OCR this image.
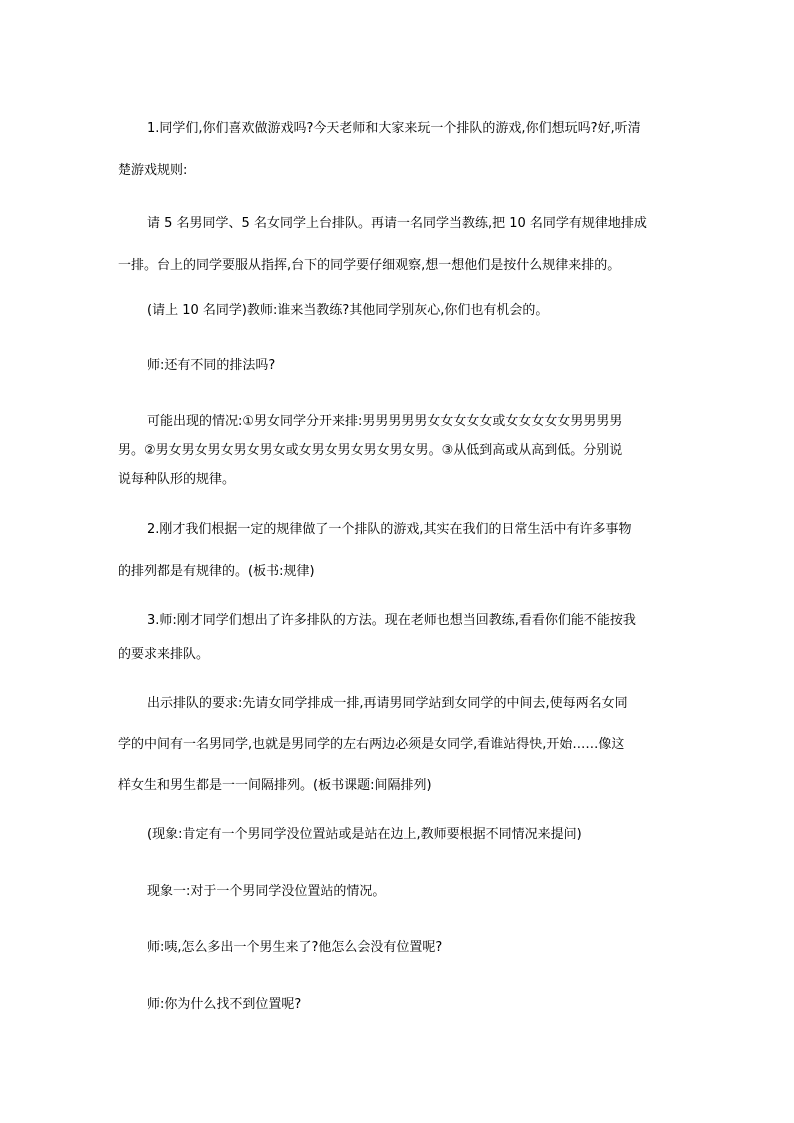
1.同学们,你们喜欢做游戏吗?今天老师和大家来玩一个排队的游戏,你们想玩吗?好,听清
楚游戏规则:

请 5 名男同学、5 名女同学上台排队。再请一名同学当教练,把 10 名同学有规律地排成
一排。台上的同学要服从指挥,台下的同学要仔细观察,想一想他们是按什么规律来排的。

(请上 10 名同学)教师:谁来当教练?其他同学别灰心,你们也有机会的。

师:还有不同的排法吗?

可能出现的情况:①男女同学分开来排:男男男男男女女女女女或女女女女女男男男男
男。②男女男女男女男女男女或女男女男女男女男女男。③从低到高或从高到低。分别说
说每种队形的规律。

2.刚才我们根据一定的规律做了一个排队的游戏,其实在我们的日常生活中有许多事物
的排列都是有规律的。(板书:规律)

3.师:刚才同学们想出了许多排队的方法。现在老师也想当回教练,看看你们能不能按我
的要求来排队。

出示排队的要求:先请女同学排成一排,再请男同学站到女同学的中间去,使每两名女同
学的中间有一名男同学,也就是男同学的左右两边必须是女同学,看谁站得快,开始……像这
样女生和男生都是一一间隔排列。(板书课题:间隔排列)

(现象:肯定有一个男同学没位置站或是站在边上,教师要根据不同情况来提问)

现象一:对于一个男同学没位置站的情况。

师:咦,怎么多出一个男生来了?他怎么会没有位置呢?

师:你为什么找不到位置呢?
